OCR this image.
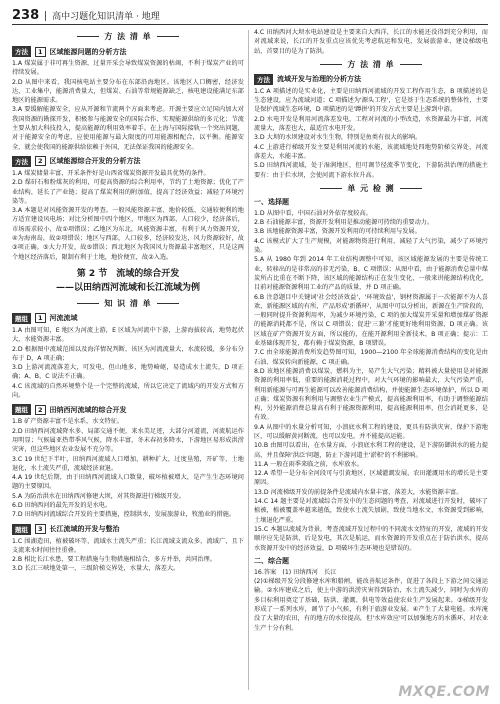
238 高中习题化知识清单 · 地理
方 法 清 单
方法	1	区域能源问题的分析方法

1.A 煤炭属于非可再生资源，过量开采会导致煤炭资源的枯竭，不利于煤炭产业的可持续发展。

2.D 从图中来看，我国核电站主要分布在东部沿海地区。该地区人口稠密，经济发达，工业集中，能源消费量大，但煤炭、石油等常规能源缺乏，核电建设能满足东部地区的能源需求。

3.A 要缓解能源安全，应从开源和节流两个方面来考虑。开源主要应立足国内加大对我国资源的勘探开发，积极参与能源安全的国际合作，实现能源供给的多元化；节流主要从加大科技投入，提高能源的利用效率着手。在上海与国际接轨一个突出问题，对于能源安全的考虑，应使用能源与最大限度的可用能源相配合，以平衡。能源安全，就会使我国的能源供给依赖于外国，无法保证我国的能源安全。

方法	2	区域能源综合开发的分析方法

1.A 煤炭储量丰富，开采条件好是山西省煤炭资源开发最具优势的条件。

2.D 煤矸石和粉煤灰的利用，可提高资源的综合利用率，节约了土地资源；优化了产业结构，延长了产业链；提高了煤炭利用的附加值，提高了经济效益；减轻了环境污染等。

3.A 本题是对风能资源开发的考查。一般风能资源丰富、地价较低、交通较便利的地方适宜建设风电场；对比分析图中四个地区，甲地区为西部，人口较少，经济落后，市场需求较小，故①项错误；乙地区为东北，风能资源丰富，有利于风力资源开发，④为海南岛，故②项错误；地区与西部，人口较多，经济较发达，风力资源较好，故③项正确。⑤大力开发，故⑤错误；西北地区为我国风力资源最丰富地区，只是这两个地区经济落后，限制有利于土地，地价便宜，故②入选。

第 2 节　流域的综合开发
——以田纳西河流域和长江流域为例
知 识 清 单
题组	1	河流流域

1.A 由图可知，E 地区为河流上游，E 区域为河流中下游，上游海拔较高，地势起伏大，水能资源丰富。

2.D 根据图中流域范围以及海洋情况判断，该区为河流流量大，水流较缓，多分布分布于 D，A 项正确；

3.D 上游河流流落差大，可发电，但山地多，地势崎岖，易造成水土流失，D 项正确；A、B、C 说法不正确。

4.C 该流域的自然环境整个是一个完整的流域，所以它决定了流域内的开发方式和方向。

题组	2	田纳西河流域的综合开发

1.B 矿产资源丰富不是水系，水文特征。

2.D 田纳西河流域降水多，局部交通不便，来水美足迹，大部分河道流，河流航运作用明显；气候属亚热带季风气候，降水丰富，冬末春初多降水，下游地区易形成洪涝灾害，但这些地区农业发展不充分等。

3.C 19 世纪下半叶，田纳西河流域人口增加，耕种扩大，过度垦殖，开矿等，土地退化，水土流失严重，流域经济衰退。

4.A 19 世纪后期，由于田纳西河流域人口数量，破坏植被增大，是产生生态环境问题的主要原因。

5.A 为防治洪水在田纳西河修建大坝，对其资源进行梯级开发。

6.D 田纳西河的最先开发的是水电。

7.D 田纳西河流域综合开发的主要措施，控制洪水，发展旅游业，牧渔业的措施。

题组	3	长江流域的开发与整治

1.C 围湖造田，植被破坏等，流域水土流失严重；长江流域支流众多，流域广，且下支流来水时间往往重叠。

2.B 相比长江水患，要工程措施与生物措施相结合，多方并举，共同治理。

3.D 长江三峡地处第一、三级阶梯交界处，水量大，落差大。

4.C 田纳西河大坝水电站建设是主要来自大西洋，长江的水能还没得到充分利用，而对流域来说，长江的开发重点应该优先考虑航运和发电，发展旅游业，建设梯级电站，首要目的是为了防洪。

方 法 清 单
方法	流域开发与治理的分析方法

1.C A 项描述的是实业化，主要是田纳西河流域的开发工程作用生态，B 项描述的是生态建设，应为流域河道；C 项描述为'源头工程'，它是基于生态系统的整体性，主要是保护流域生态环境，D 项描述的是'蹲拼'的开发方式主要是上游到中游。

2.D 水电开发是利用河流落差发电，工程对河流的小型改造，水资源最为丰富，河流流量大，落差也大，最适宜水电开发。

3.D 大坝的水坝建设对水生生物，特别是鱼类有很大的影响。

4.C 上游进行梯级开发主要是利用河流的水能，该流域地处四地势阶梯交界处，河流落差大，水能丰富。

5.D 田纳西河流域，处于湿润地区，但可调节径流季节变化，下游防洪治理的措施主要有：由于拦水坝，会使河流下游水位升高。

单 元 检 测
一、选择题

1.D 从图中看，中国石油对外依存度较高。

2.B 石油能源丰富，资源开发利用是推动能源可持续的重要动力。

3.B 该地能源资源丰富，资源开发利用的可持续利用与发展。

4.C 该模式扩大了生产规模，对能源物资进行利用，减轻了大气污染，减少了环境污染。

5.A 从 1980 年到 2014 年工业结构调整中可知，该区域能源发展的主要是传统工业，转移出的是非常高的非无污染，B、C 项错误；从图中看，由于能源消费总量中煤炭所占比重在不断下降，该区域的能源结构正在发生变化，一般来讲能源结构优化，目前对能源资源利用工业的产品的质量，并 D 项正确。

6.B 注意题目中关键词'社会经济效益'，'环境效益'，钢材资源属于一次能源不为人喜欢，新能源区域的有所，产品形成'新循环'，从图中可以分析出，新源在生产阶段的，一般同时提升资源利用率，为减少环境污染，C 项的加大煤炭开采量和增加煤矿资源的能源消耗都不是，所以 C 项错误；促进'三兼'才能更好地利用资源，D 项正确。该区域在矿产资源开发方面，所以能的，在能开源利用全新技术，B 项正确；提示：工业基础体现开发，都有赖于煤炭资源，B 项错误。

7.C 由全球能源消费所发趋势图可知，1900—2100 年全球能源消费结构的变化是由石油、煤炭转向新能源，C 项正确。

8.D 该地区能源消费以煤炭、燃料为主，易产生大气污染；精料被大量使用是对能源资源的利用率低，重要的能源消耗过程中，对大气环境的影响最大，大气污染严重，利用新能源与可再生能源可以改善能源消费结构，并使能源生态环境保护，所以 D 项正确；煤炭资源有利利用与调整农业生产模式，提高能源利用率，有助于调整能源结构，另外能源消费总量高有利于能源资源利用，提高能源利用率，但会消耗更多，是有效。

9.A 从图中的水量分析可知，小浪底水利工程的建设，更具有防洪灾害，保护下游地区，可以缓解黄河断流，也可以发电，并不能提高运能。

10.B 由图可以看出，在水量方面，小浪底水利工程的建设，是下游防御洪水的能力提高，并且保障'洪泛'问题，防止下游河道主'淤积'的不利影响。

11.A 一般在雨季来临之前，水库放水。

12.A 希望一是分布全河段可与引黄地区，区域灌溉发展，农田灌溉用水的增长是主要原因。

13.D 河流梯级开发的前提条件是流域内水量丰富，落差大，水能资源丰富。

14.C 14 题主要是对流域综合开发中的生态问题的考查，对流域进行开发时，破坏了植被，植被覆盖率越来越低，致使水土流失加剧，致使当地水文、水资源受到影响，土壤退化严重。

15.C 本题以流域为背景，考查流域开发过程中的不同流水文特征的开发，流域的开发顺序应先是防洪，后是发电，其次是航运，而水资源的开发重点在于防治洪水，提高水资源开发中的经济效益，D 项破坏生态环境也是错误的。

二、综合题

16.答案　(1) 田纳西河　长江

(2)①梯级开发分段修建水库和船闸，能改善航运条件，促进了各段上下游之间交通运输。②水库建成之后，使上中游的洪涝灾害得到防治，水土流失减少，同时为水库的多目标利用奠定了基础，防洪、灌溉、供电等效益使农业生产发展起来。③梯级开发形成了一系列水库，调节了小气候，有利于旅游业发展。④产生了大量电能。水库淹没了大量的农田，有的地方的水位提高，但'水库效应'可以加强地方的水循环，对农业生产十分有利。

MXQE.COM
